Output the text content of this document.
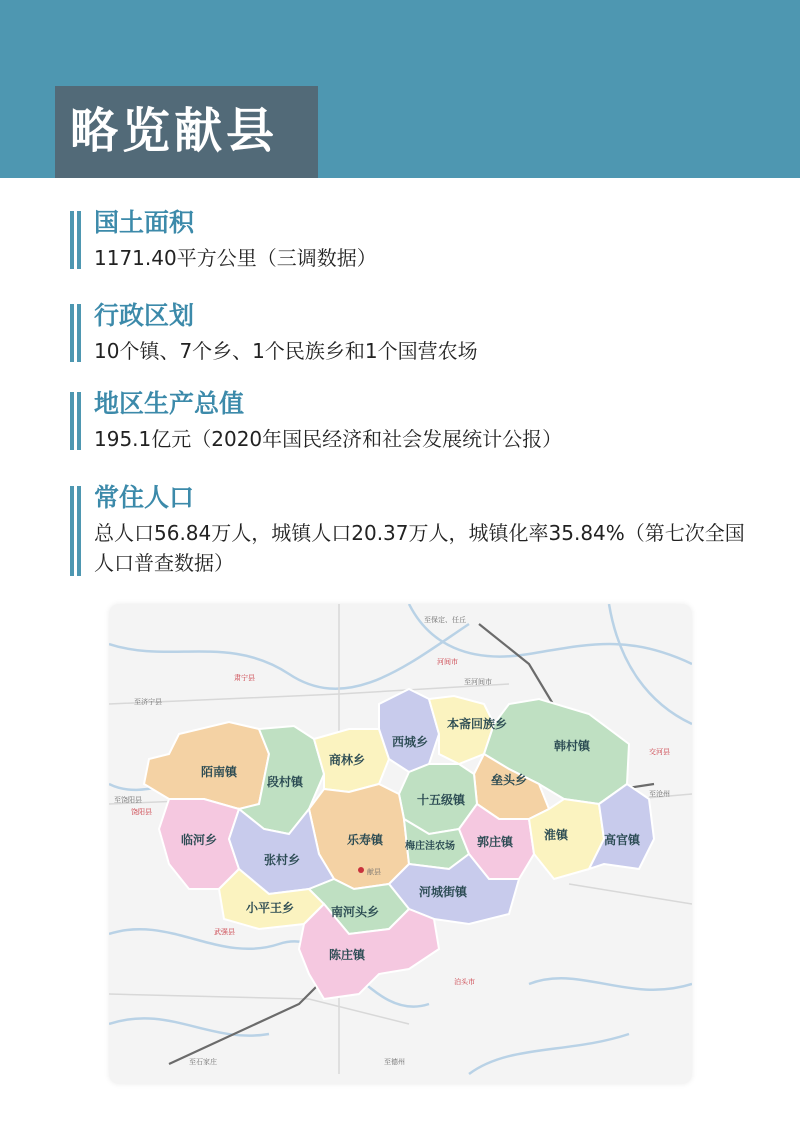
略览献县
国土面积
1171.40平方公里（三调数据）
行政区划
10个镇、7个乡、1个民族乡和1个国营农场
地区生产总值
195.1亿元（2020年国民经济和社会发展统计公报）
常住人口
总人口56.84万人，城镇人口20.37万人，城镇化率35.84%（第七次全国人口普查数据）
西城乡
本斋回族乡
韩村镇
陌南镇
商林乡
段村镇
十五级镇
垒头乡
临河乡	乐寿镇	淮镇	高官镇
张村乡
郭庄镇
梅庄洼农场
河城街镇
小平王乡	南河头乡
陈庄镇
献县
肃宁县
河间市
泊头市
武强县
饶阳县
交河县
至保定、任丘
至河间市
至济宁县
至饶阳县
至沧州
至石家庄	至德州
